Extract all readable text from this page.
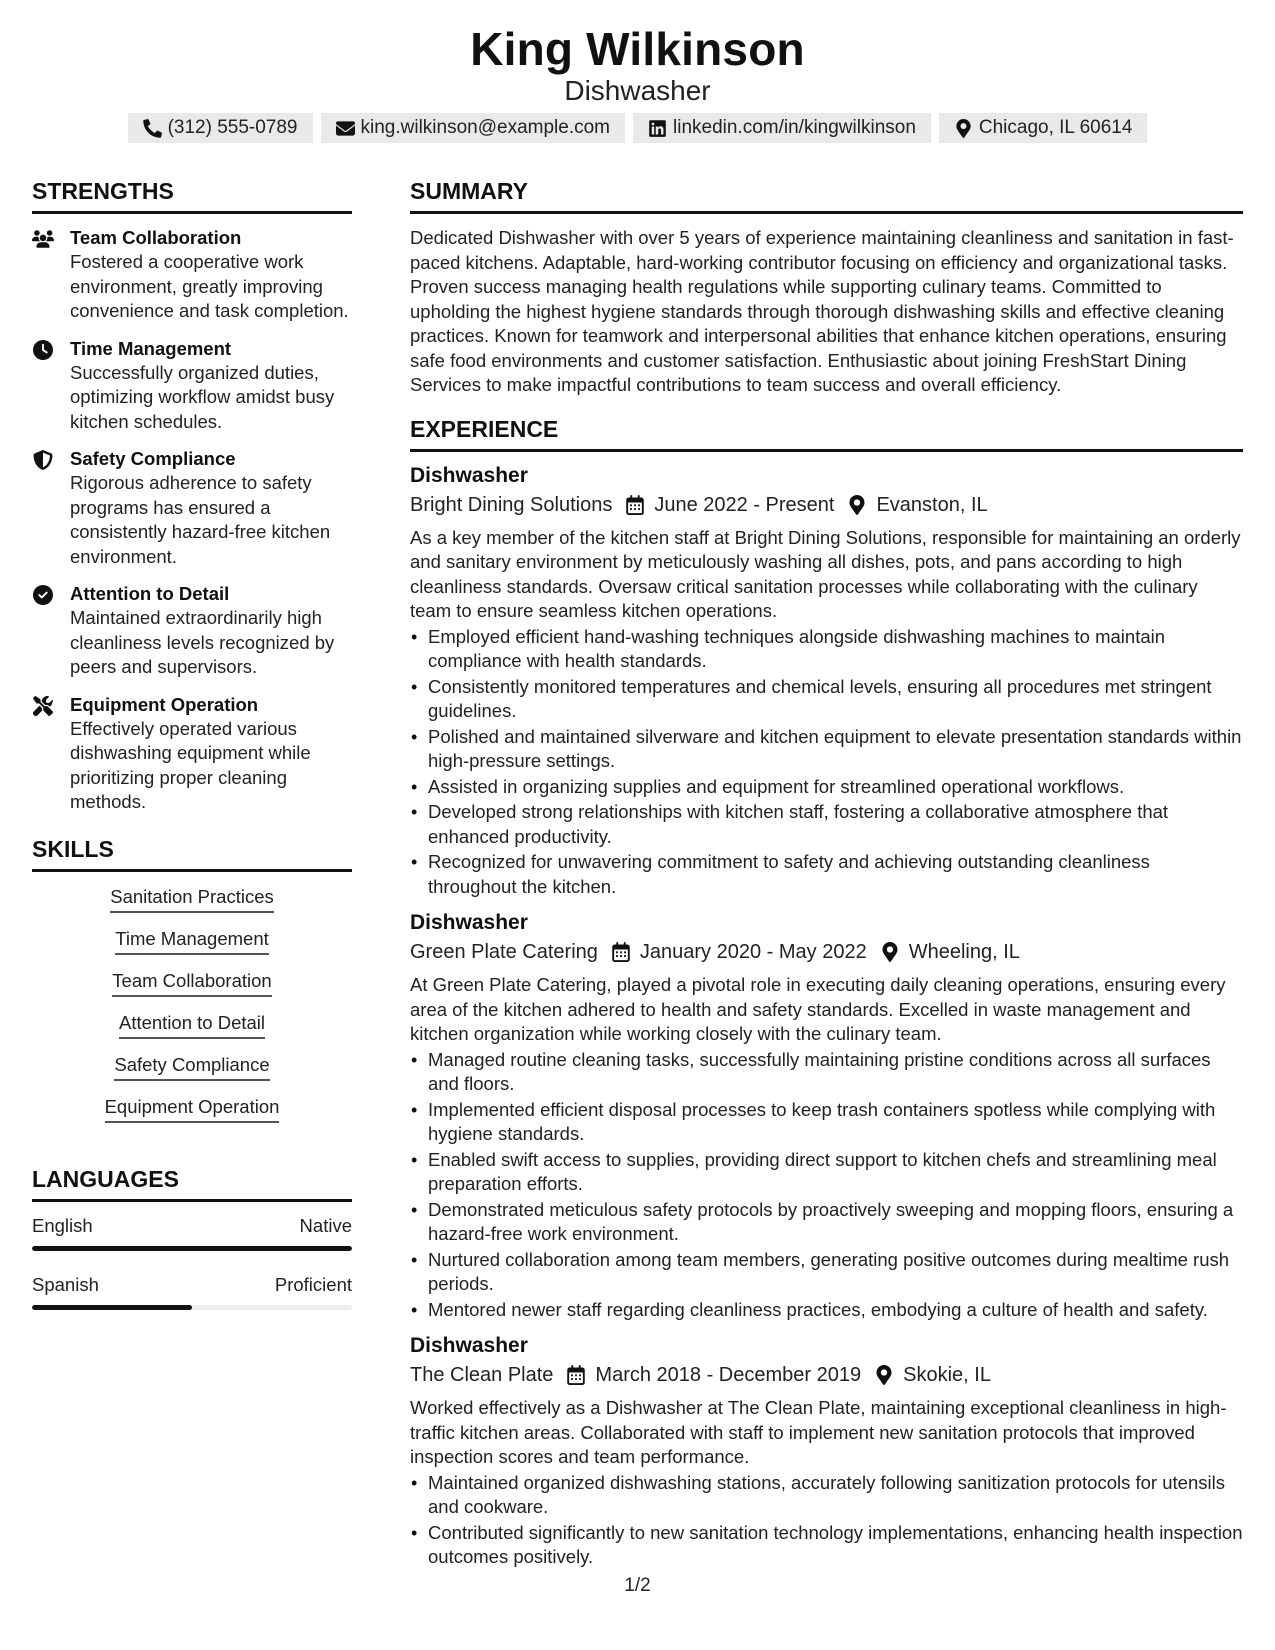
King Wilkinson
Dishwasher
(312) 555-0789	king.wilkinson@example.com	linkedin.com/in/kingwilkinson	Chicago, IL 60614
STRENGTHS
Team Collaboration
Fostered a cooperative work environment, greatly improving convenience and task completion.
Time Management
Successfully organized duties, optimizing workflow amidst busy kitchen schedules.
Safety Compliance
Rigorous adherence to safety programs has ensured a consistently hazard-free kitchen environment.
Attention to Detail
Maintained extraordinarily high cleanliness levels recognized by peers and supervisors.
Equipment Operation
Effectively operated various dishwashing equipment while prioritizing proper cleaning methods.
SKILLS
Sanitation Practices
Time Management
Team Collaboration
Attention to Detail
Safety Compliance
Equipment Operation
LANGUAGES
English	Native
Spanish	Proficient
SUMMARY
Dedicated Dishwasher with over 5 years of experience maintaining cleanliness and sanitation in fast-paced kitchens. Adaptable, hard-working contributor focusing on efficiency and organizational tasks. Proven success managing health regulations while supporting culinary teams. Committed to upholding the highest hygiene standards through thorough dishwashing skills and effective cleaning practices. Known for teamwork and interpersonal abilities that enhance kitchen operations, ensuring safe food environments and customer satisfaction. Enthusiastic about joining FreshStart Dining Services to make impactful contributions to team success and overall efficiency.
EXPERIENCE
Dishwasher
Bright Dining Solutions June 2022 - Present Evanston, IL
As a key member of the kitchen staff at Bright Dining Solutions, responsible for maintaining an orderly and sanitary environment by meticulously washing all dishes, pots, and pans according to high cleanliness standards. Oversaw critical sanitation processes while collaborating with the culinary team to ensure seamless kitchen operations.
• Employed efficient hand-washing techniques alongside dishwashing machines to maintain compliance with health standards.
• Consistently monitored temperatures and chemical levels, ensuring all procedures met stringent guidelines.
• Polished and maintained silverware and kitchen equipment to elevate presentation standards within high-pressure settings.
• Assisted in organizing supplies and equipment for streamlined operational workflows.
• Developed strong relationships with kitchen staff, fostering a collaborative atmosphere that enhanced productivity.
• Recognized for unwavering commitment to safety and achieving outstanding cleanliness throughout the kitchen.
Dishwasher
Green Plate Catering January 2020 - May 2022 Wheeling, IL
At Green Plate Catering, played a pivotal role in executing daily cleaning operations, ensuring every area of the kitchen adhered to health and safety standards. Excelled in waste management and kitchen organization while working closely with the culinary team.
• Managed routine cleaning tasks, successfully maintaining pristine conditions across all surfaces and floors.
• Implemented efficient disposal processes to keep trash containers spotless while complying with hygiene standards.
• Enabled swift access to supplies, providing direct support to kitchen chefs and streamlining meal preparation efforts.
• Demonstrated meticulous safety protocols by proactively sweeping and mopping floors, ensuring a hazard-free work environment.
• Nurtured collaboration among team members, generating positive outcomes during mealtime rush periods.
• Mentored newer staff regarding cleanliness practices, embodying a culture of health and safety.
Dishwasher
The Clean Plate March 2018 - December 2019 Skokie, IL
Worked effectively as a Dishwasher at The Clean Plate, maintaining exceptional cleanliness in high-traffic kitchen areas. Collaborated with staff to implement new sanitation protocols that improved inspection scores and team performance.
• Maintained organized dishwashing stations, accurately following sanitization protocols for utensils and cookware.
• Contributed significantly to new sanitation technology implementations, enhancing health inspection outcomes positively.
1/2
